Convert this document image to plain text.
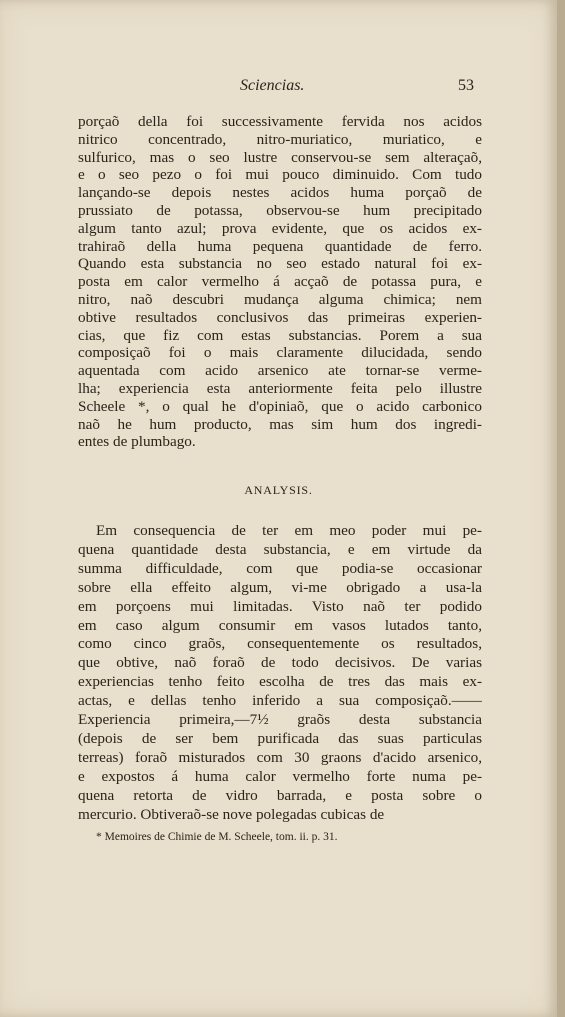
Sciencias.	53
porçaõ della foi successivamente fervida nos acidos
nitrico concentrado, nitro-muriatico, muriatico, e
sulfurico, mas o seo lustre conservou-se sem alteraçaõ,
e o seo pezo o foi mui pouco diminuido. Com tudo
lançando-se depois nestes acidos huma porçaõ de
prussiato de potassa, observou-se hum precipitado
algum tanto azul; prova evidente, que os acidos ex-
trahiraõ della huma pequena quantidade de ferro.
Quando esta substancia no seo estado natural foi ex-
posta em calor vermelho á acçaõ de potassa pura, e
nitro, naõ descubri mudança alguma chimica; nem
obtive resultados conclusivos das primeiras experien-
cias, que fiz com estas substancias. Porem a sua
composiçaõ foi o mais claramente dilucidada, sendo
aquentada com acido arsenico ate tornar-se verme-
lha; experiencia esta anteriormente feita pelo illustre
Scheele *, o qual he d'opiniaõ, que o acido carbonico
naõ he hum producto, mas sim hum dos ingredi-
entes de plumbago.
ANALYSIS.
Em consequencia de ter em meo poder mui pe-
quena quantidade desta substancia, e em virtude da
summa difficuldade, com que podia-se occasionar
sobre ella effeito algum, vi-me obrigado a usa-la
em porçoens mui limitadas. Visto naõ ter podido
em caso algum consumir em vasos lutados tanto,
como cinco graõs, consequentemente os resultados,
que obtive, naõ foraõ de todo decisivos. De varias
experiencias tenho feito escolha de tres das mais ex-
actas, e dellas tenho inferido a sua composiçaõ.——
Experiencia primeira,—7½ graõs desta substancia
(depois de ser bem purificada das suas particulas
terreas) foraõ misturados com 30 graons d'acido arsenico,
e expostos á huma calor vermelho forte numa pe-
quena retorta de vidro barrada, e posta sobre o
mercurio. Obtiveraõ-se nove polegadas cubicas de
* Memoires de Chimie de M. Scheele, tom. ii. p. 31.
